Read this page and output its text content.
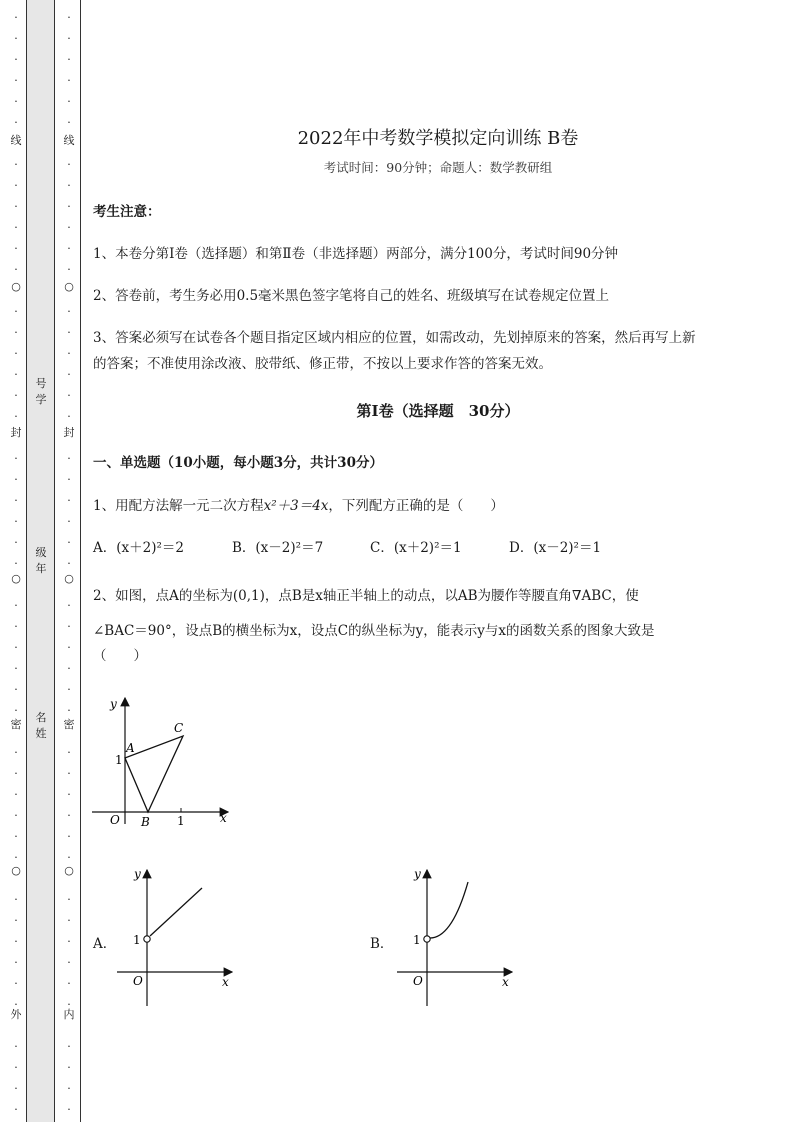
·
·
·
·
·
·
·
·
·
·
·
·
·
·
·
·
·
·
·
·
·
·
·
·
·
·
·
·
·
·
·
·
·
·
·
·
·
·
·
·
·
·
·
·
·
·
线
○
封
○
密
○
外
·
·
·
·
·
·
·
·
·
·
·
·
·
·
·
·
·
·
·
·
·
·
·
·
·
·
·
·
·
·
·
·
·
·
·
·
·
·
·
·
·
·
·
·
·
·
线
○
封
○
密
○
内
号
学
级
年
名
姓
2022年中考数学模拟定向训练 B卷
考试时间：90分钟；命题人：数学教研组
考生注意：
1、本卷分第Ⅰ卷（选择题）和第Ⅱ卷（非选择题）两部分，满分100分，考试时间90分钟
2、答卷前，考生务必用0.5毫米黑色签字笔将自己的姓名、班级填写在试卷规定位置上
3、答案必须写在试卷各个题目指定区域内相应的位置，如需改动，先划掉原来的答案，然后再写上新
的答案；不准使用涂改液、胶带纸、修正带，不按以上要求作答的答案无效。
第Ⅰ卷（选择题　30分）
一、单选题（10小题，每小题3分，共计30分）
1、用配方法解一元二次方程x²＋3＝4x，下列配方正确的是（　　）
A．(x＋2)²＝2	B．(x－2)²＝7	C．(x＋2)²＝1	D．(x－2)²＝1
2、如图，点A的坐标为(0,1)，点B是x轴正半轴上的动点，以AB为腰作等腰直角∇ABC，使
∠BAC＝90°，设点B的横坐标为x，设点C的纵坐标为y，能表示y与x的函数关系的图象大致是
（　　）
y
x
O
A
B
C
1
1
A．
y
x
O
1	B．
y
x
O
1
